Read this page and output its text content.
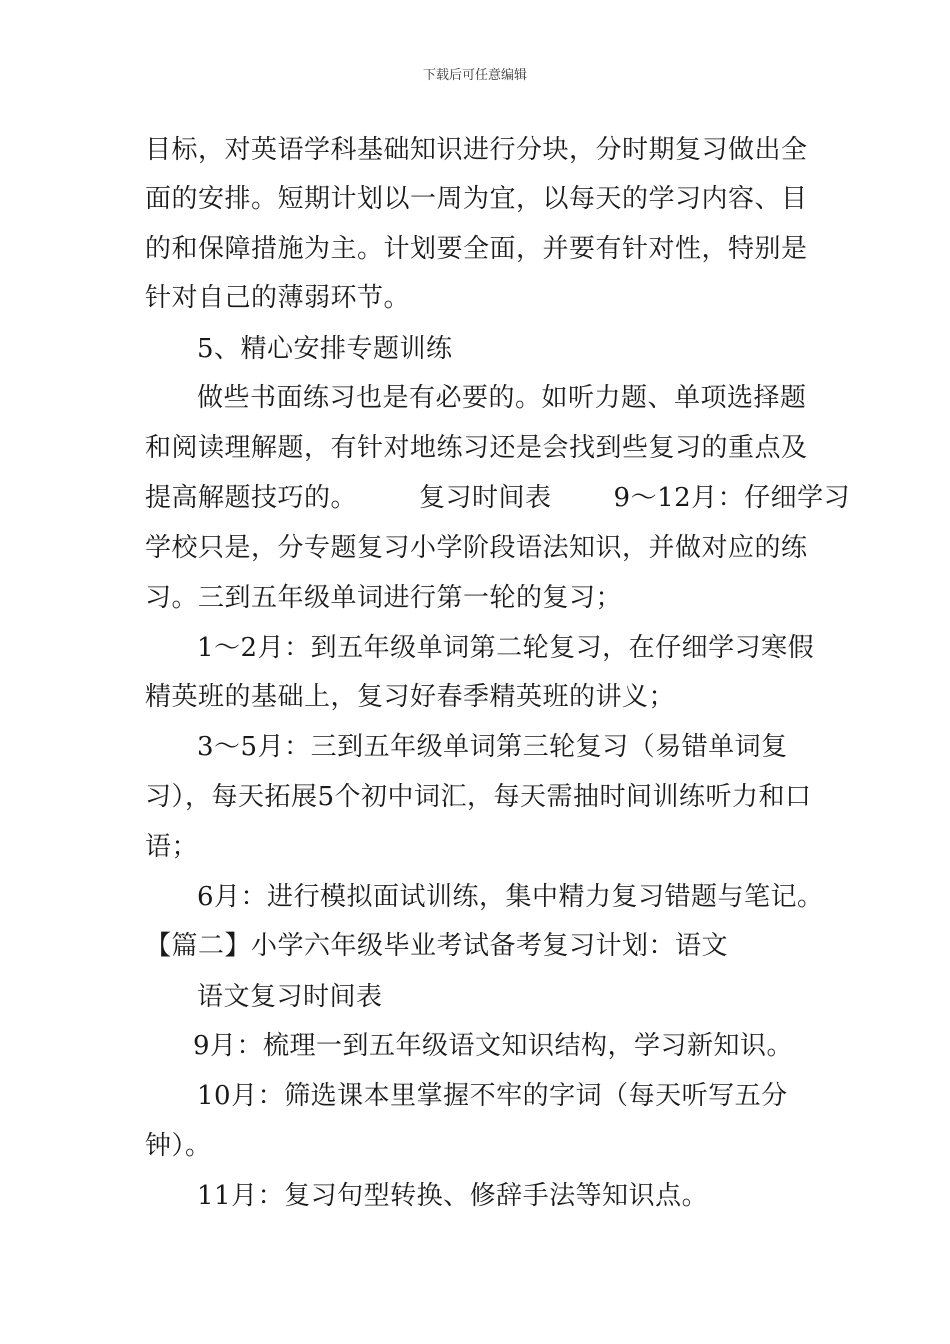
下载后可任意编辑
目标，对英语学科基础知识进行分块，分时期复习做出全
面的安排。短期计划以一周为宜，以每天的学习内容、目
的和保障措施为主。计划要全面，并要有针对性，特别是
针对自己的薄弱环节。
5、精心安排专题训练
做些书面练习也是有必要的。如听力题、单项选择题
和阅读理解题，有针对地练习还是会找到些复习的重点及
提高解题技巧的。 复习时间表 9～12月：仔细学习
学校只是，分专题复习小学阶段语法知识，并做对应的练
习。三到五年级单词进行第一轮的复习；
1～2月：到五年级单词第二轮复习，在仔细学习寒假
精英班的基础上，复习好春季精英班的讲义；
3～5月：三到五年级单词第三轮复习（易错单词复
习），每天拓展5个初中词汇，每天需抽时间训练听力和口
语；
6月：进行模拟面试训练，集中精力复习错题与笔记。
【篇二】小学六年级毕业考试备考复习计划：语文
语文复习时间表
9月：梳理一到五年级语文知识结构，学习新知识。
10月：筛选课本里掌握不牢的字词（每天听写五分
钟）。
11月：复习句型转换、修辞手法等知识点。
